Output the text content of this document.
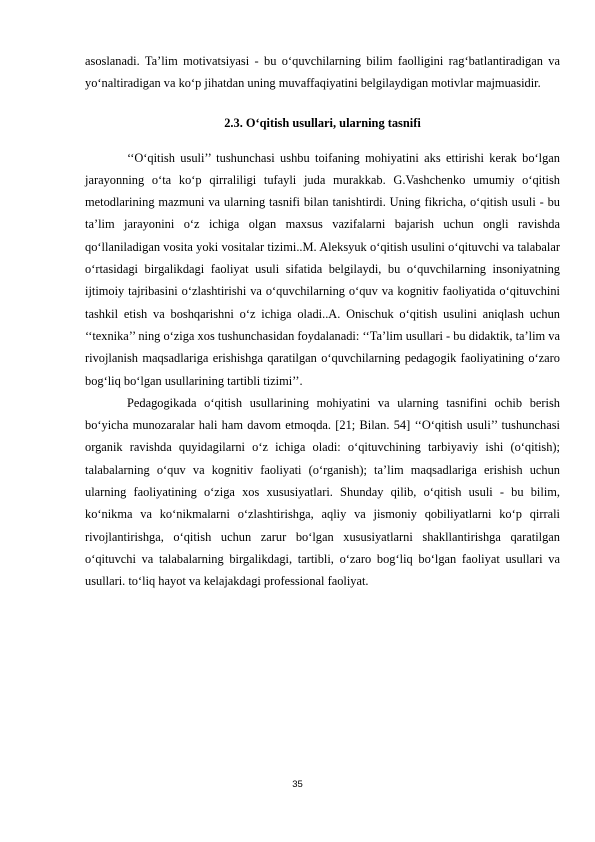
asoslanadi. Ta’lim motivatsiyasi - bu o‘quvchilarning bilim faolligini rag‘batlantiradigan va yo‘naltiradigan va ko‘p jihatdan uning muvaffaqiyatini belgilaydigan motivlar majmuasidir.

2.3. O‘qitish usullari, ularning tasnifi

‘‘O‘qitish usuli’’ tushunchasi ushbu toifaning mohiyatini aks ettirishi kerak bo‘lgan jarayonning o‘ta ko‘p qirraliligi tufayli juda murakkab. G.Vashchenko umumiy o‘qitish metodlarining mazmuni va ularning tasnifi bilan tanishtirdi. Uning fikricha, o‘qitish usuli - bu ta’lim jarayonini o‘z ichiga olgan maxsus vazifalarni bajarish uchun ongli ravishda qo‘llaniladigan vosita yoki vositalar tizimi..M. Aleksyuk o‘qitish usulini o‘qituvchi va talabalar o‘rtasidagi birgalikdagi faoliyat usuli sifatida belgilaydi, bu o‘quvchilarning insoniyatning ijtimoiy tajribasini o‘zlashtirishi va o‘quvchilarning o‘quv va kognitiv faoliyatida o‘qituvchini tashkil etish va boshqarishni o‘z ichiga oladi..A. Onischuk o‘qitish usulini aniqlash uchun ‘‘texnika’’ ning o‘ziga xos tushunchasidan foydalanadi: ‘‘Ta’lim usullari - bu didaktik, ta’lim va rivojlanish maqsadlariga erishishga qaratilgan o‘quvchilarning pedagogik faoliyatining o‘zaro bog‘liq bo‘lgan usullarining tartibli tizimi’’.

Pedagogikada o‘qitish usullarining mohiyatini va ularning tasnifini ochib berish bo‘yicha munozaralar hali ham davom etmoqda. [21; Bilan. 54] ‘‘O‘qitish usuli’’ tushunchasi organik ravishda quyidagilarni o‘z ichiga oladi: o‘qituvchining tarbiyaviy ishi (o‘qitish); talabalarning o‘quv va kognitiv faoliyati (o‘rganish); ta’lim maqsadlariga erishish uchun ularning faoliyatining o‘ziga xos xususiyatlari. Shunday qilib, o‘qitish usuli - bu bilim, ko‘nikma va ko‘nikmalarni o‘zlashtirishga, aqliy va jismoniy qobiliyatlarni ko‘p qirrali rivojlantirishga, o‘qitish uchun zarur bo‘lgan xususiyatlarni shakllantirishga qaratilgan o‘qituvchi va talabalarning birgalikdagi, tartibli, o‘zaro bog‘liq bo‘lgan faoliyat usullari va usullari. to‘liq hayot va kelajakdagi professional faoliyat.

35
